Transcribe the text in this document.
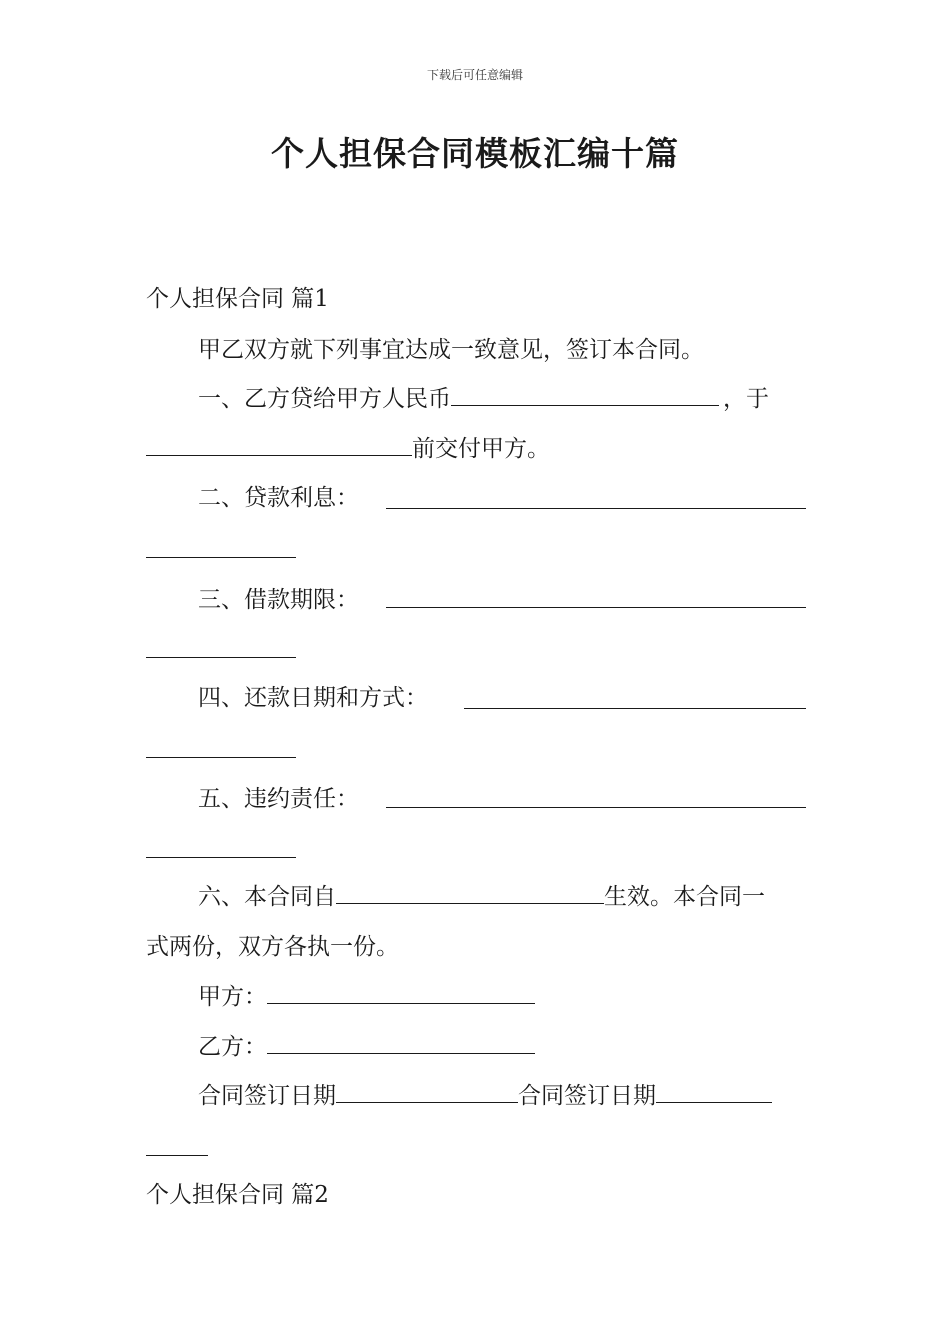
下载后可任意编辑
个人担保合同模板汇编十篇
个人担保合同 篇1
甲乙双方就下列事宜达成一致意见，签订本合同。
一、乙方贷给甲方人民币	，于
前交付甲方。
二、贷款利息：
三、借款期限：
四、还款日期和方式：
五、违约责任：
六、本合同自	生效。本合同一
式两份，双方各执一份。
甲方：
乙方：
合同签订日期	合同签订日期
个人担保合同 篇2
